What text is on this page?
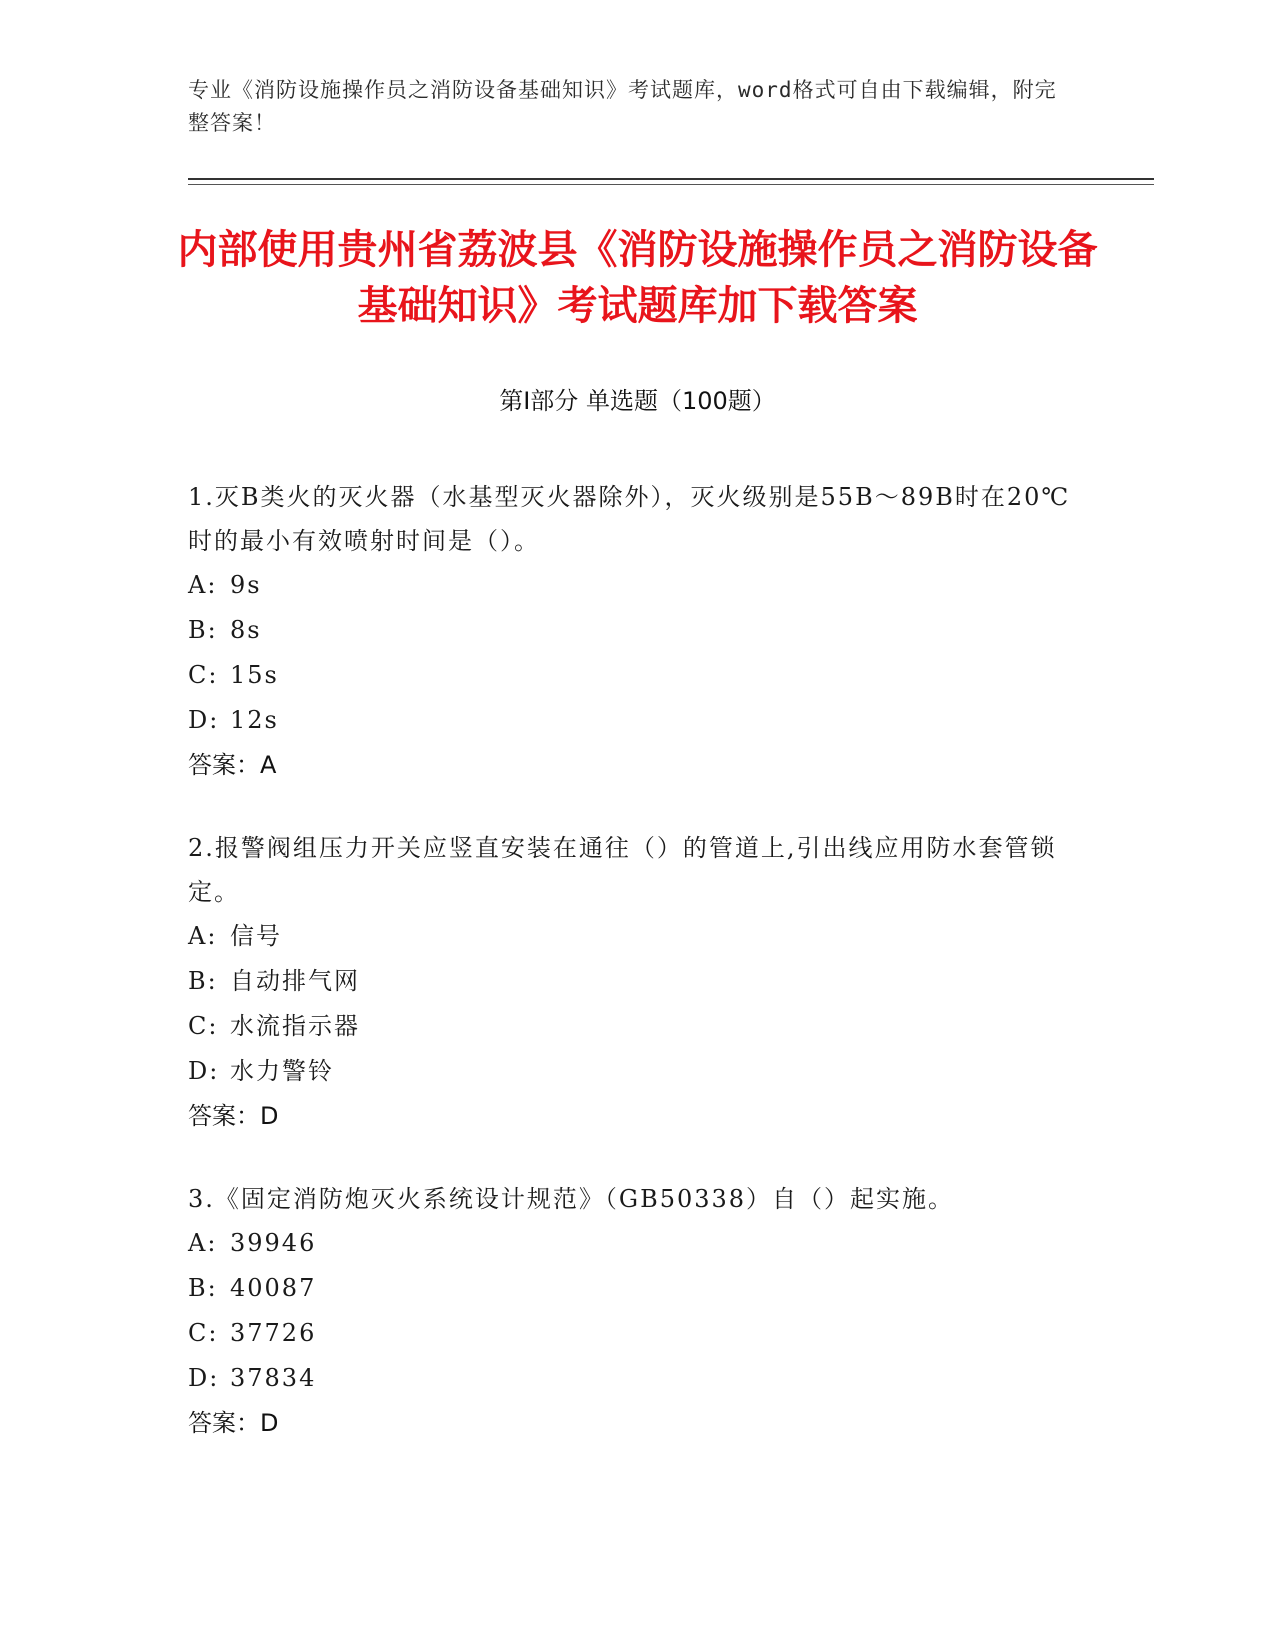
专业《消防设施操作员之消防设备基础知识》考试题库，word格式可自由下载编辑，附完整答案！
内部使用贵州省荔波县《消防设施操作员之消防设备基础知识》考试题库加下载答案
第Ⅰ部分 单选题（100题）

1.灭B类火的灭火器（水基型灭火器除外），灭火级别是55B～89B时在20℃时的最小有效喷射时间是（）。

A: 9s

B: 8s

C: 15s

D: 12s

答案：A

2.报警阀组压力开关应竖直安装在通往（）的管道上,引出线应用防水套管锁定。

A: 信号

B: 自动排气网

C: 水流指示器

D: 水力警铃

答案：D

3.《固定消防炮灭火系统设计规范》（GB50338）自（）起实施。

A: 39946

B: 40087

C: 37726

D: 37834

答案：D
